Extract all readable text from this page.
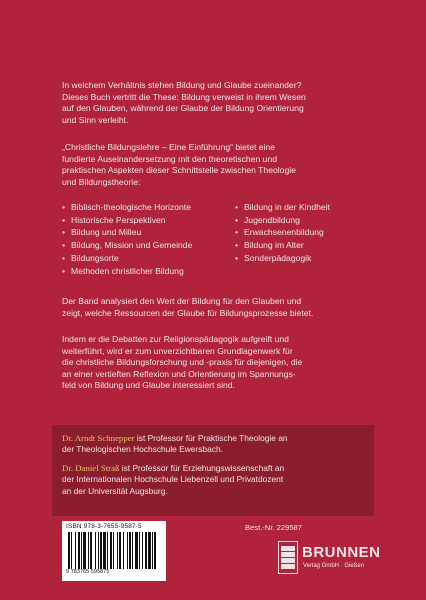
In welchem Verhältnis stehen Bildung und Glaube zueinander?
Dieses Buch vertritt die These: Bildung verweist in ihrem Wesen
auf den Glauben, während der Glaube der Bildung Orientierung
und Sinn verleiht.
„Christliche Bildungslehre – Eine Einführung“ bietet eine
fundierte Auseinandersetzung mit den theoretischen und
praktischen Aspekten dieser Schnittstelle zwischen Theologie
und Bildungstheorie:
• Biblisch-theologische Horizonte
• Historische Perspektiven
• Bildung und Milieu
• Bildung, Mission und Gemeinde
• Bildungsorte
• Methoden christlicher Bildung
• Bildung in der Kindheit
• Jugendbildung
• Erwachsenenbildung
• Bildung im Alter
• Sonderpädagogik
Der Band analysiert den Wert der Bildung für den Glauben und
zeigt, welche Ressourcen der Glaube für Bildungsprozesse bietet.
Indem er die Debatten zur Religionspädagogik aufgreift und
weiterführt, wird er zum unverzichtbaren Grundlagenwerk für
die christliche Bildungsforschung und -praxis für diejenigen, die
an einer vertieften Reflexion und Orientierung im Spannungs-
feld von Bildung und Glaube interessiert sind.
Dr. Arndt Schnepper ist Professor für Praktische Theologie an
der Theologischen Hochschule Ewersbach.
Dr. Daniel Straß ist Professor für Erziehungswissenschaft an
der Internationalen Hochschule Liebenzell und Privatdozent
an der Universität Augsburg.
ISBN 978-3-7655-9587-5
9 783765 595875
Best.-Nr. 229587
BRUNNEN
Verlag GmbH · Gießen
